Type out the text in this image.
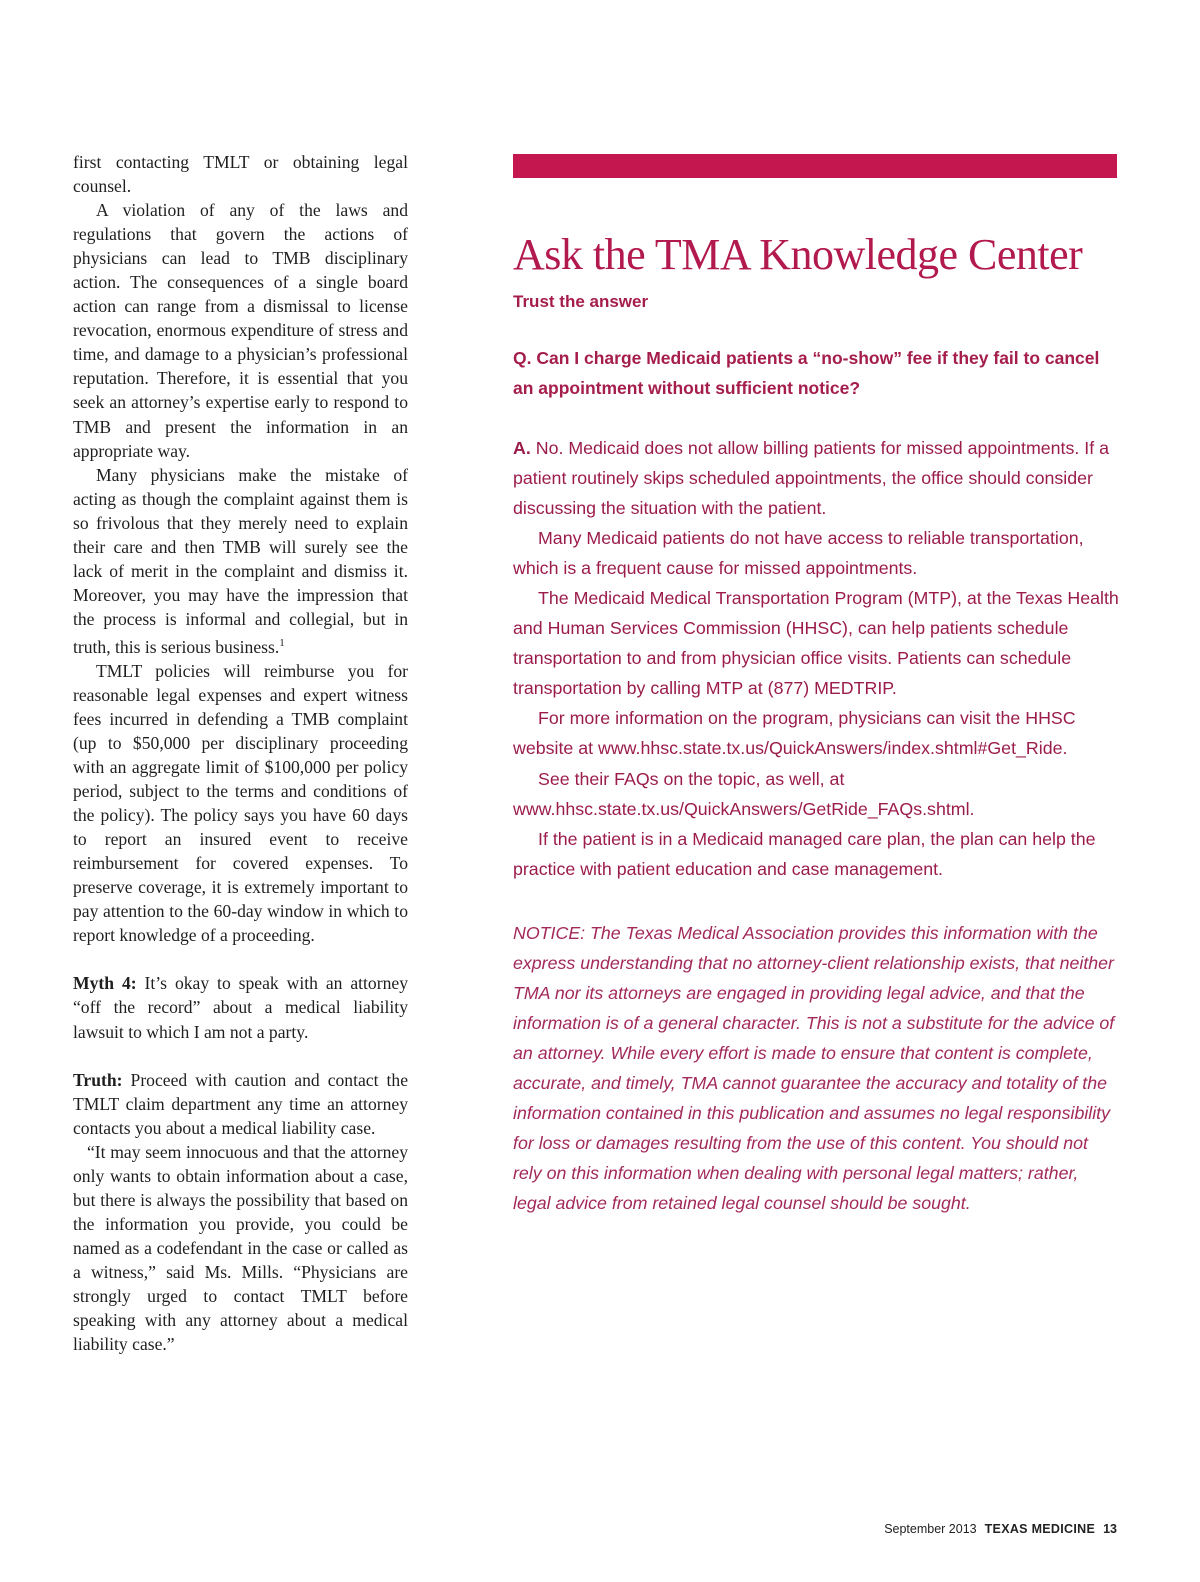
first contacting TMLT or obtaining legal counsel.

A violation of any of the laws and regulations that govern the actions of physicians can lead to TMB disciplinary action. The consequences of a single board action can range from a dismissal to license revocation, enormous expenditure of stress and time, and damage to a physician’s professional reputation. Therefore, it is essential that you seek an attorney’s expertise early to respond to TMB and present the information in an appropriate way.

Many physicians make the mistake of acting as though the complaint against them is so frivolous that they merely need to explain their care and then TMB will surely see the lack of merit in the complaint and dismiss it. Moreover, you may have the impression that the process is informal and collegial, but in truth, this is serious business.$^1$

TMLT policies will reimburse you for reasonable legal expenses and expert witness fees incurred in defending a TMB complaint (up to $50,000 per disciplinary proceeding with an aggregate limit of $100,000 per policy period, subject to the terms and conditions of the policy). The policy says you have 60 days to report an insured event to receive reimbursement for covered expenses. To preserve coverage, it is extremely important to pay attention to the 60-day window in which to report knowledge of a proceeding.

Myth 4: It’s okay to speak with an attorney “off the record” about a medical liability lawsuit to which I am not a party.

Truth: Proceed with caution and contact the TMLT claim department any time an attorney contacts you about a medical liability case.

“It may seem innocuous and that the attorney only wants to obtain information about a case, but there is always the possibility that based on the information you provide, you could be named as a codefendant in the case or called as a witness,” said Ms. Mills. “Physicians are strongly urged to contact TMLT before speaking with any attorney about a medical liability case.”

Ask the TMA Knowledge Center

Trust the answer

Q. Can I charge Medicaid patients a “no-show” fee if they fail to cancel an appointment without sufficient notice?

A. No. Medicaid does not allow billing patients for missed appointments. If a patient routinely skips scheduled appointments, the office should consider discussing the situation with the patient.

Many Medicaid patients do not have access to reliable transportation, which is a frequent cause for missed appointments.

The Medicaid Medical Transportation Program (MTP), at the Texas Health and Human Services Commission (HHSC), can help patients schedule transportation to and from physician office visits. Patients can schedule transportation by calling MTP at (877) MEDTRIP.

For more information on the program, physicians can visit the HHSC website at www.hhsc.state.tx.us/QuickAnswers/index.shtml#Get_Ride.

See their FAQs on the topic, as well, at www.hhsc.state.tx.us/QuickAnswers/GetRide_FAQs.shtml.

If the patient is in a Medicaid managed care plan, the plan can help the practice with patient education and case management.

NOTICE: The Texas Medical Association provides this information with the express understanding that no attorney-client relationship exists, that neither TMA nor its attorneys are engaged in providing legal advice, and that the information is of a general character. This is not a substitute for the advice of an attorney. While every effort is made to ensure that content is complete, accurate, and timely, TMA cannot guarantee the accuracy and totality of the information contained in this publication and assumes no legal responsibility for loss or damages resulting from the use of this content. You should not rely on this information when dealing with personal legal matters; rather, legal advice from retained legal counsel should be sought.

September 2013 TEXAS MEDICINE 13
